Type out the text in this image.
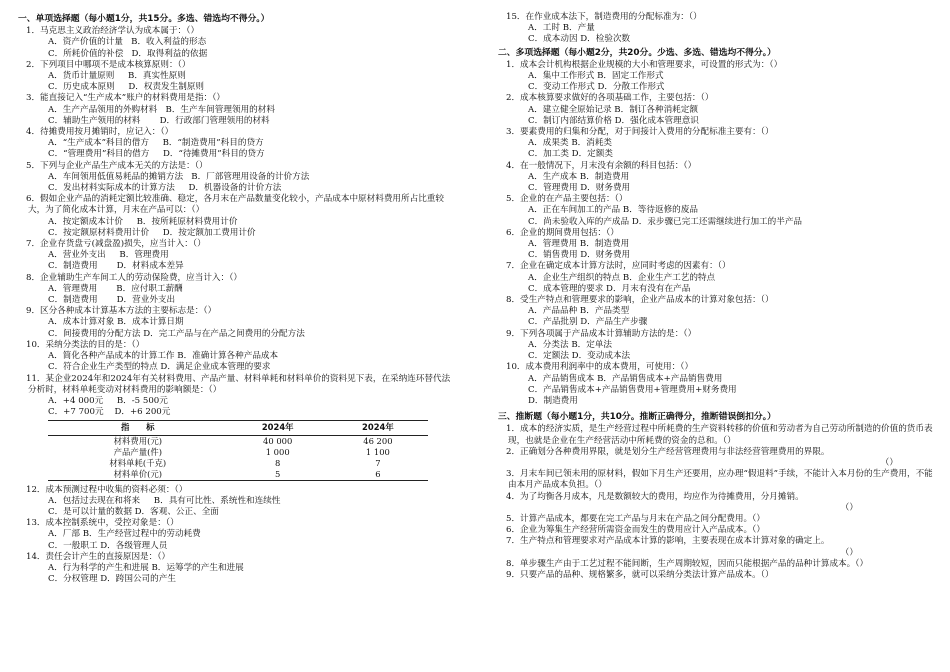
一、单项选择题（每小题1分，共15分。多选、错选均不得分。）
1．马克思主义政治经济学认为成本属于：（）
A．资产价值的计量   B．收入利益的形态
C．所耗价值的补偿   D．取得利益的依据
2．下列项目中哪项不是成本核算原则：（）
A．货币计量原则     B．真实性原则
C．历史成本原则     D．权责发生制原则
3．能直接记入“生产成本”账户的材料费用是指：（）
A．生产产品领用的外购材料   B．生产车间管理领用的材料
C．辅助生产领用的材料       D．行政部门管理领用的材料
4．待摊费用按月摊销时，应记入：（）
A．“生产成本”科目的借方     B．“制造费用”科目的贷方
C．“管理费用”科目的借方     D．“待摊费用”科目的贷方
5．下列与企业产品生产成本无关的方法是：（）
A．车间领用低值易耗品的摊销方法   B．厂部管理用设备的计价方法
C．发出材料实际成本的计算方法     D．机器设备的计价方法
6．假如企业产品的消耗定额比较准确、稳定，各月末在产品数量变化较小，产品成本中原材料费用所占比重较大，为了简化成本计算，月末在产品可以：（）
A．按定额成本计价     B．按所耗原材料费用计价
C．按定额原材料费用计价     D．按定额加工费用计价
7．企业存货盘亏(减盘盈)损失，应当计入：（）
A．营业外支出     B．管理费用
C．制造费用       D．材料成本差异
8．企业辅助生产车间工人的劳动保险费，应当计入：（）
A．管理费用       B．应付职工薪酬
C．制造费用       D．营业外支出
9．区分各种成本计算基本方法的主要标志是：（）
A．成本计算对象 B．成本计算日期
C．间接费用的分配方法 D．完工产品与在产品之间费用的分配方法
10．采纳分类法的目的是：（）
A．简化各种产品成本的计算工作 B．准确计算各种产品成本
C．符合企业生产类型的特点 D．满足企业成本管理的要求
11．某企业2024年和2024年有关材料费用、产品产量、材料单耗和材料单价的资料见下表，在采纳连环替代法分析时，材料单耗变动对材料费用的影响额是：（）
A．+4 000元     B．-5 500元
C．+7 700元    D．+6 200元
指　　标	2024年	2024年
材料费用(元)	40 000	46 200
产品产量(件)	1 000	1 100
材料单耗(千克)	8	7
材料单价(元)	5	6
12．成本预测过程中收集的资料必须：（）
A．包括过去现在和将来     B．具有可比性、系统性和连续性
C．是可以计量的数据 D．客观、公正、全面
13．成本控制系统中，受控对象是：（）
A．厂部 B．生产经营过程中的劳动耗费
C．一般职工 D．各级管理人员
14．责任会计产生的直接原因是：（）
A．行为科学的产生和进展 B．运筹学的产生和进展
C．分权管理 D．跨国公司的产生
15．在作业成本法下，制造费用的分配标准为：（）
A．工时 B．产量
C．成本动因 D．检验次数
二、多项选择题（每小题2分，共20分。少选、多选、错选均不得分。）
1．成本会计机构根据企业规模的大小和管理要求，可设置的形式为：（）
A．集中工作形式 B．固定工作形式
C．变动工作形式 D．分散工作形式
2．成本核算要求做好的各项基础工作，主要包括：（）
A．建立健全原始记录 B．制订各种消耗定额
C．制订内部结算价格 D．强化成本管理意识
3．要素费用的归集和分配，对于间接计入费用的分配标准主要有：（）
A．成果类 B．消耗类
C．加工类 D．定额类
4．在一般情况下，月末没有余额的科目包括：（）
A．生产成本 B．制造费用
C．管理费用 D．财务费用
5．企业的在产品主要包括：（）
A．正在车间加工的产品 B．等待返修的废品
C．尚未验收入库的产成品 D．汞步骤已完工还需继续进行加工的半产品
6．企业的期间费用包括：（）
A．管理费用 B．制造费用
C．销售费用 D．财务费用
7．企业在确定成本计算方法时，应同时考虑的因素有：（）
A．企业生产组织的特点 B．企业生产工艺的特点
C．成本管理的要求 D．月末有没有在产品
8．受生产特点和管理要求的影响，企业产品成本的计算对象包括：（）
A．产品品种 B．产品类型
C．产品批别 D．产品生产步骤
9．下列各项属于产品成本计算辅助方法的是：（）
A．分类法 B．定单法
C．定额法 D．变动成本法
10．成本费用利润率中的成本费用，可使用：（）
A．产品销售成本 B．产品销售成本+产品销售费用
C．产品销售成本+产品销售费用+管理费用+财务费用
D．制造费用
三、推断题（每小题1分，共10分。推断正确得分，推断错误倒扣分。）
1．成本的经济实质，是生产经营过程中所耗费的生产资料转移的价值和劳动者为自己劳动所制造的价值的货币表现，也就是企业在生产经营活动中所耗费的资金的总和。（）
2．正确划分各种费用界限，就是划分生产经营管理费用与非法经营管理费用的界限。
（）
3．月末车间已领未用的原材料，假如下月生产还要用，应办理“假退料”手续，不能计入本月份的生产费用，不能由本月产品成本负担。（）
4．为了均衡各月成本，凡是数额较大的费用，均应作为待摊费用，分月摊销。
（）
5．计算产品成本，都要在完工产品与月末在产品之间分配费用。（）
6．企业为筹集生产经营所需资金而发生的费用应计入产品成本。（）
7．生产特点和管理要求对产品成本计算的影响，主要表现在成本计算对象的确定上。
（）
8．单步骤生产由于工艺过程不能间断，生产周期较短，因而只能根据产品的品种计算成本。（）
9．只要产品的品种、规格繁多，就可以采纳分类法计算产品成本。（）
